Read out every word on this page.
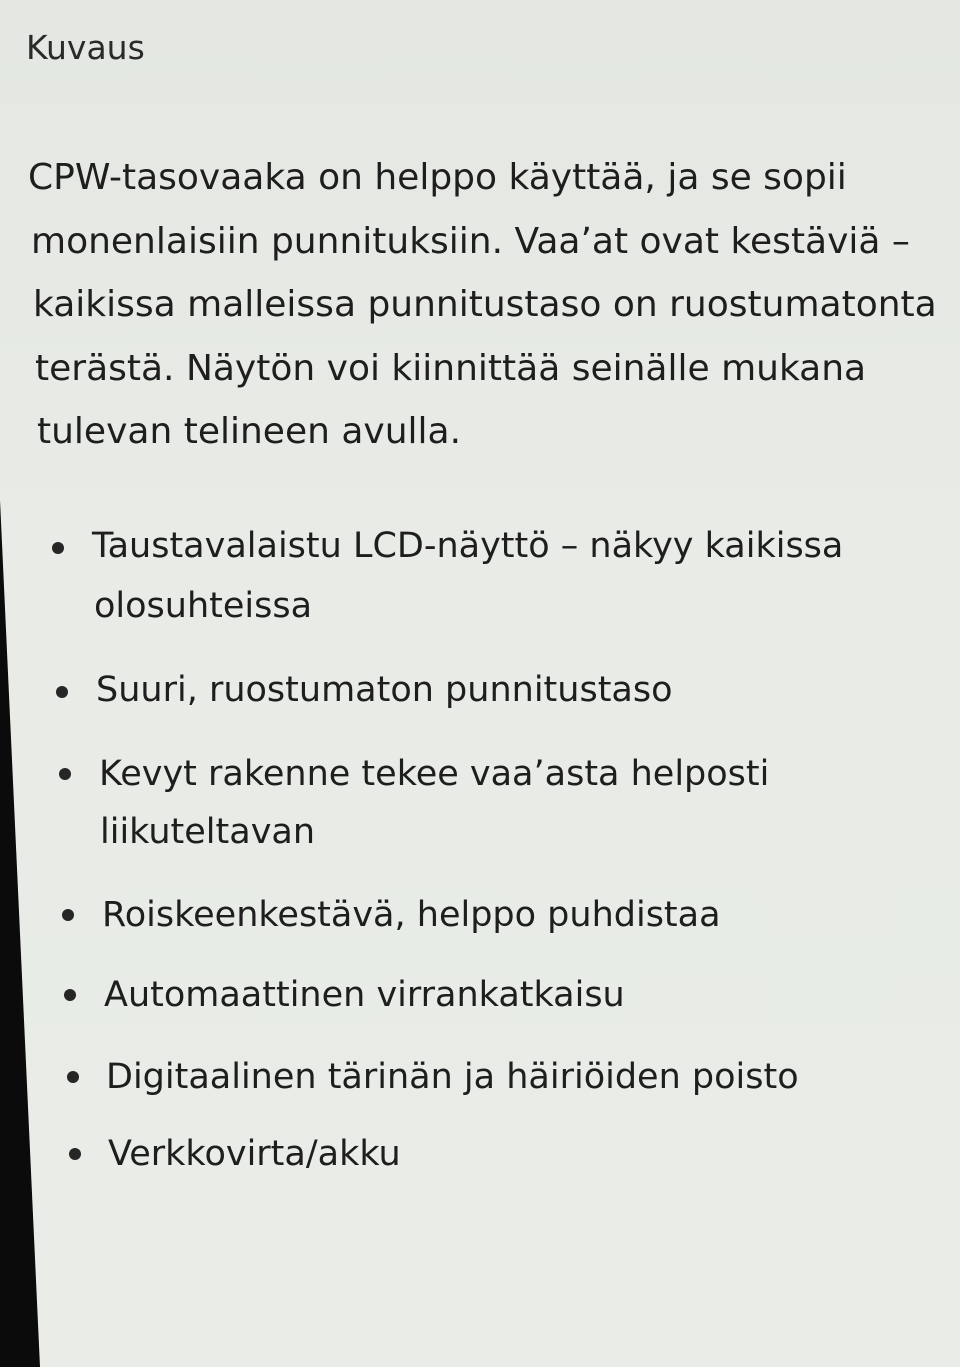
Kuvaus
CPW-tasovaaka on helppo käyttää, ja se sopii
monenlaisiin punnituksiin. Vaa’at ovat kestäviä –
kaikissa malleissa punnitustaso on ruostumatonta
terästä. Näytön voi kiinnittää seinälle mukana
tulevan telineen avulla.
Taustavalaistu LCD-näyttö – näkyy kaikissa
olosuhteissa
Suuri, ruostumaton punnitustaso
Kevyt rakenne tekee vaa’asta helposti
liikuteltavan
Roiskeenkestävä, helppo puhdistaa
Automaattinen virrankatkaisu
Digitaalinen tärinän ja häiriöiden poisto
Verkkovirta/akku
